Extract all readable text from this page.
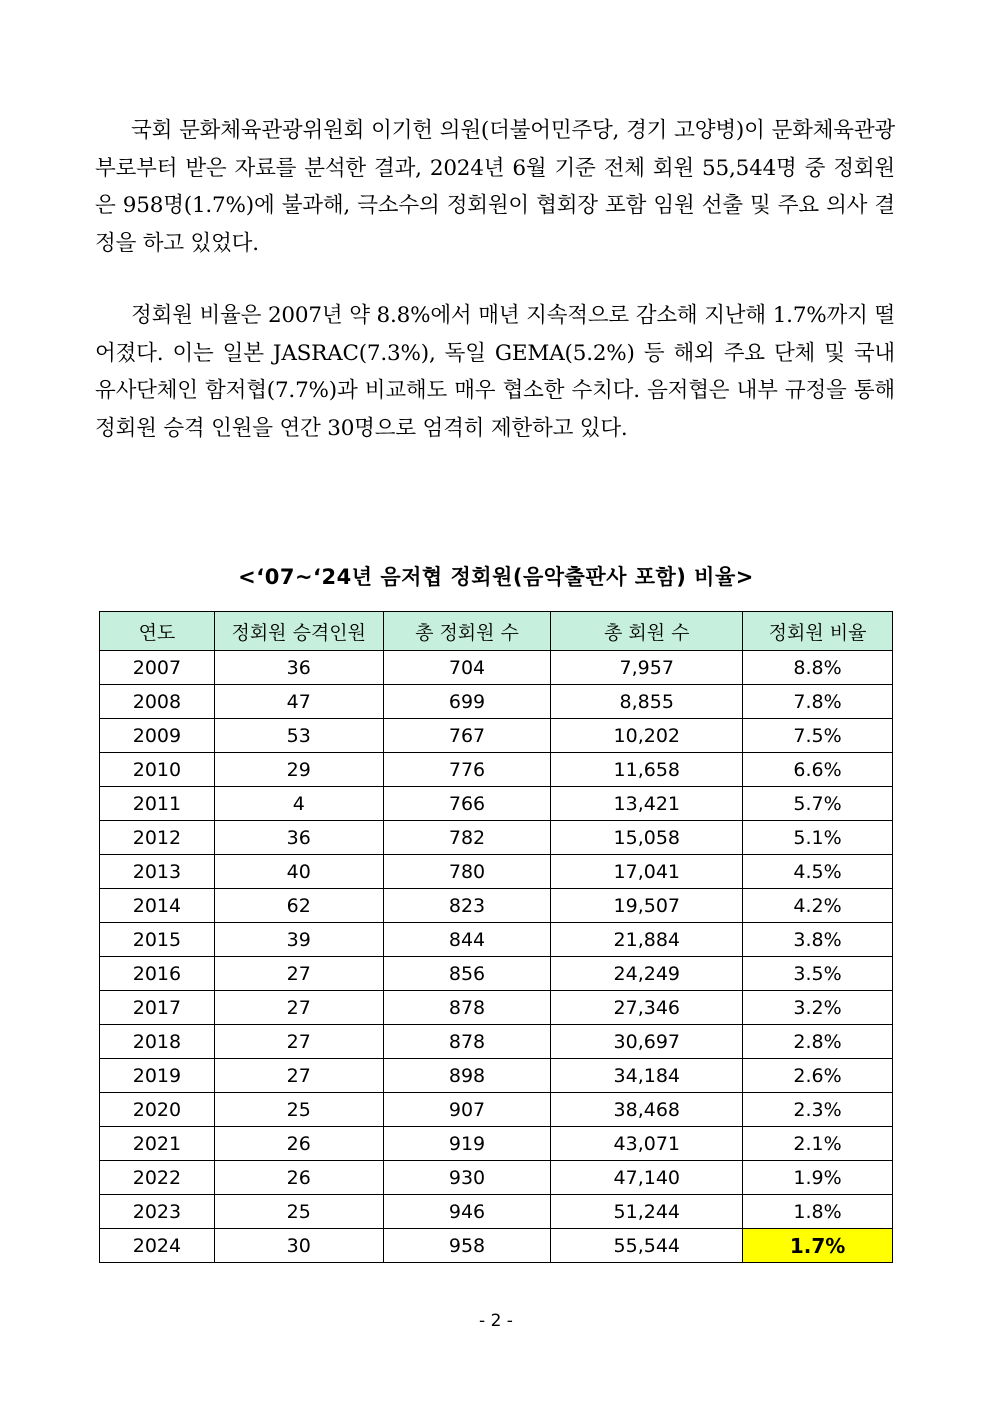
국회 문화체육관광위원회 이기헌 의원(더불어민주당, 경기 고양병)이 문화체육관광부로부터 받은 자료를 분석한 결과, 2024년 6월 기준 전체 회원 55,544명 중 정회원은 958명(1.7%)에 불과해, 극소수의 정회원이 협회장 포함 임원 선출 및 주요 의사 결정을 하고 있었다.

정회원 비율은 2007년 약 8.8%에서 매년 지속적으로 감소해 지난해 1.7%까지 떨어졌다. 이는 일본 JASRAC(7.3%), 독일 GEMA(5.2%) 등 해외 주요 단체 및 국내 유사단체인 함저협(7.7%)과 비교해도 매우 협소한 수치다. 음저협은 내부 규정을 통해 정회원 승격 인원을 연간 30명으로 엄격히 제한하고 있다.

<‘07~‘24년 음저협 정회원(음악출판사 포함) 비율>
연도	정회원 승격인원	총 정회원 수	총 회원 수	정회원 비율
2007	36	704	7,957	8.8%
2008	47	699	8,855	7.8%
2009	53	767	10,202	7.5%
2010	29	776	11,658	6.6%
2011	4	766	13,421	5.7%
2012	36	782	15,058	5.1%
2013	40	780	17,041	4.5%
2014	62	823	19,507	4.2%
2015	39	844	21,884	3.8%
2016	27	856	24,249	3.5%
2017	27	878	27,346	3.2%
2018	27	878	30,697	2.8%
2019	27	898	34,184	2.6%
2020	25	907	38,468	2.3%
2021	26	919	43,071	2.1%
2022	26	930	47,140	1.9%
2023	25	946	51,244	1.8%
2024	30	958	55,544	1.7%
- 2 -
